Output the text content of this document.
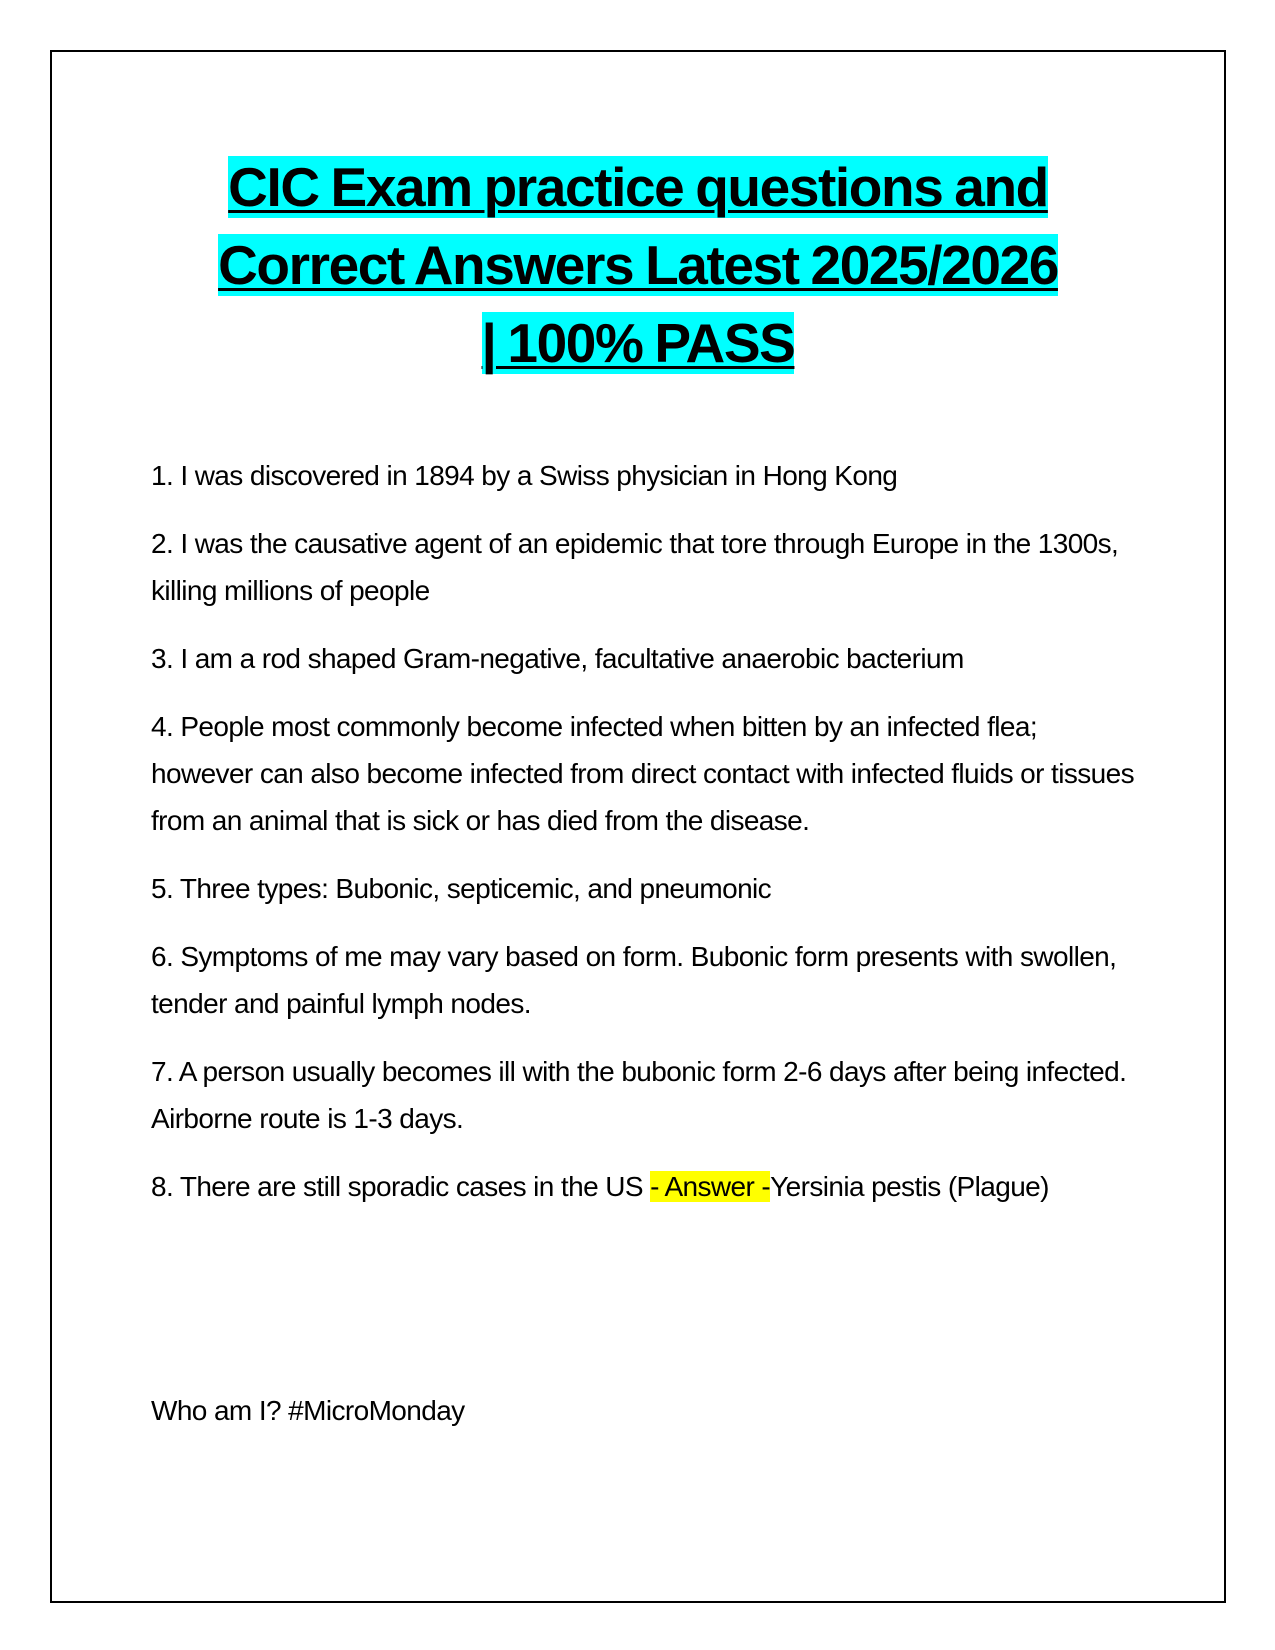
CIC Exam practice questions and
Correct Answers Latest 2025/2026
| 100% PASS

1. I was discovered in 1894 by a Swiss physician in Hong Kong

2. I was the causative agent of an epidemic that tore through Europe in the 1300s, killing millions of people

3. I am a rod shaped Gram-negative, facultative anaerobic bacterium

4. People most commonly become infected when bitten by an infected flea; however can also become infected from direct contact with infected fluids or tissues from an animal that is sick or has died from the disease.

5. Three types: Bubonic, septicemic, and pneumonic

6. Symptoms of me may vary based on form. Bubonic form presents with swollen, tender and painful lymph nodes.

7. A person usually becomes ill with the bubonic form 2-6 days after being infected. Airborne route is 1-3 days.

8. There are still sporadic cases in the US - Answer -Yersinia pestis (Plague)

Who am I? #MicroMonday
